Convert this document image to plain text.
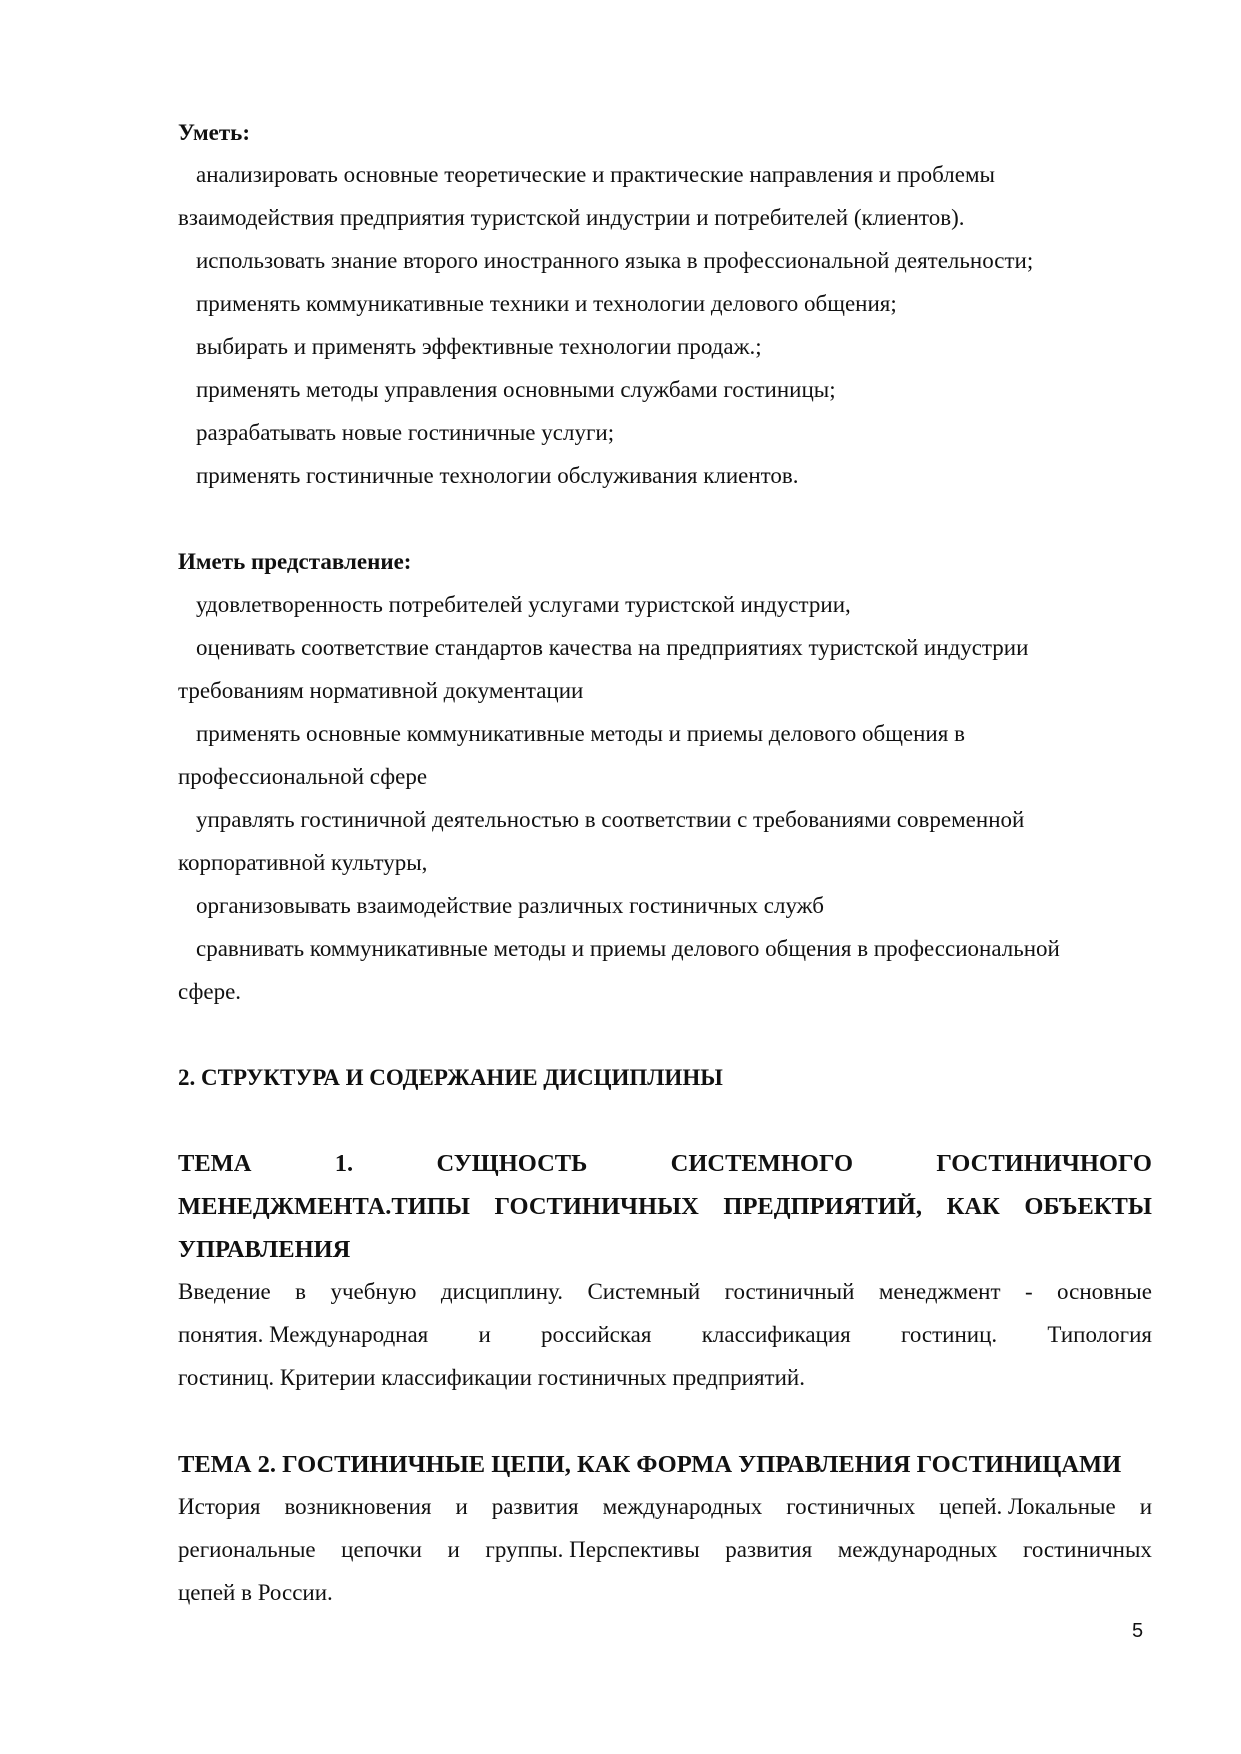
Уметь:
анализировать основные теоретические и практические направления и проблемы
взаимодействия предприятия туристской индустрии и потребителей (клиентов).
использовать знание второго иностранного языка в профессиональной деятельности;
применять коммуникативные техники и технологии делового общения;
выбирать и применять эффективные технологии продаж.;
применять методы управления основными службами гостиницы;
разрабатывать новые гостиничные услуги;
применять гостиничные технологии обслуживания клиентов.
Иметь представление:
удовлетворенность потребителей услугами туристской индустрии,
оценивать соответствие стандартов качества на предприятиях туристской индустрии
требованиям нормативной документации
применять основные коммуникативные методы и приемы делового общения в
профессиональной сфере
управлять гостиничной деятельностью в соответствии с требованиями современной
корпоративной культуры,
организовывать взаимодействие различных гостиничных служб
сравнивать коммуникативные методы и приемы делового общения в профессиональной
сфере.
2. СТРУКТУРА И СОДЕРЖАНИЕ ДИСЦИПЛИНЫ
ТЕМА	1.	СУЩНОСТЬ	СИСТЕМНОГО	ГОСТИНИЧНОГО
МЕНЕДЖМЕНТА.ТИПЫ ГОСТИНИЧНЫХ ПРЕДПРИЯТИЙ, КАК ОБЪЕКТЫ
УПРАВЛЕНИЯ
Введение в учебную дисциплину. Системный гостиничный менеджмент - основные
понятия. Международная и российская классификация гостиниц. Типология
гостиниц. Критерии классификации гостиничных предприятий.
ТЕМА 2. ГОСТИНИЧНЫЕ ЦЕПИ, КАК ФОРМА УПРАВЛЕНИЯ ГОСТИНИЦАМИ
История возникновения и развития международных гостиничных цепей. Локальные и
региональные цепочки и группы. Перспективы развития международных гостиничных
цепей в России.
5
